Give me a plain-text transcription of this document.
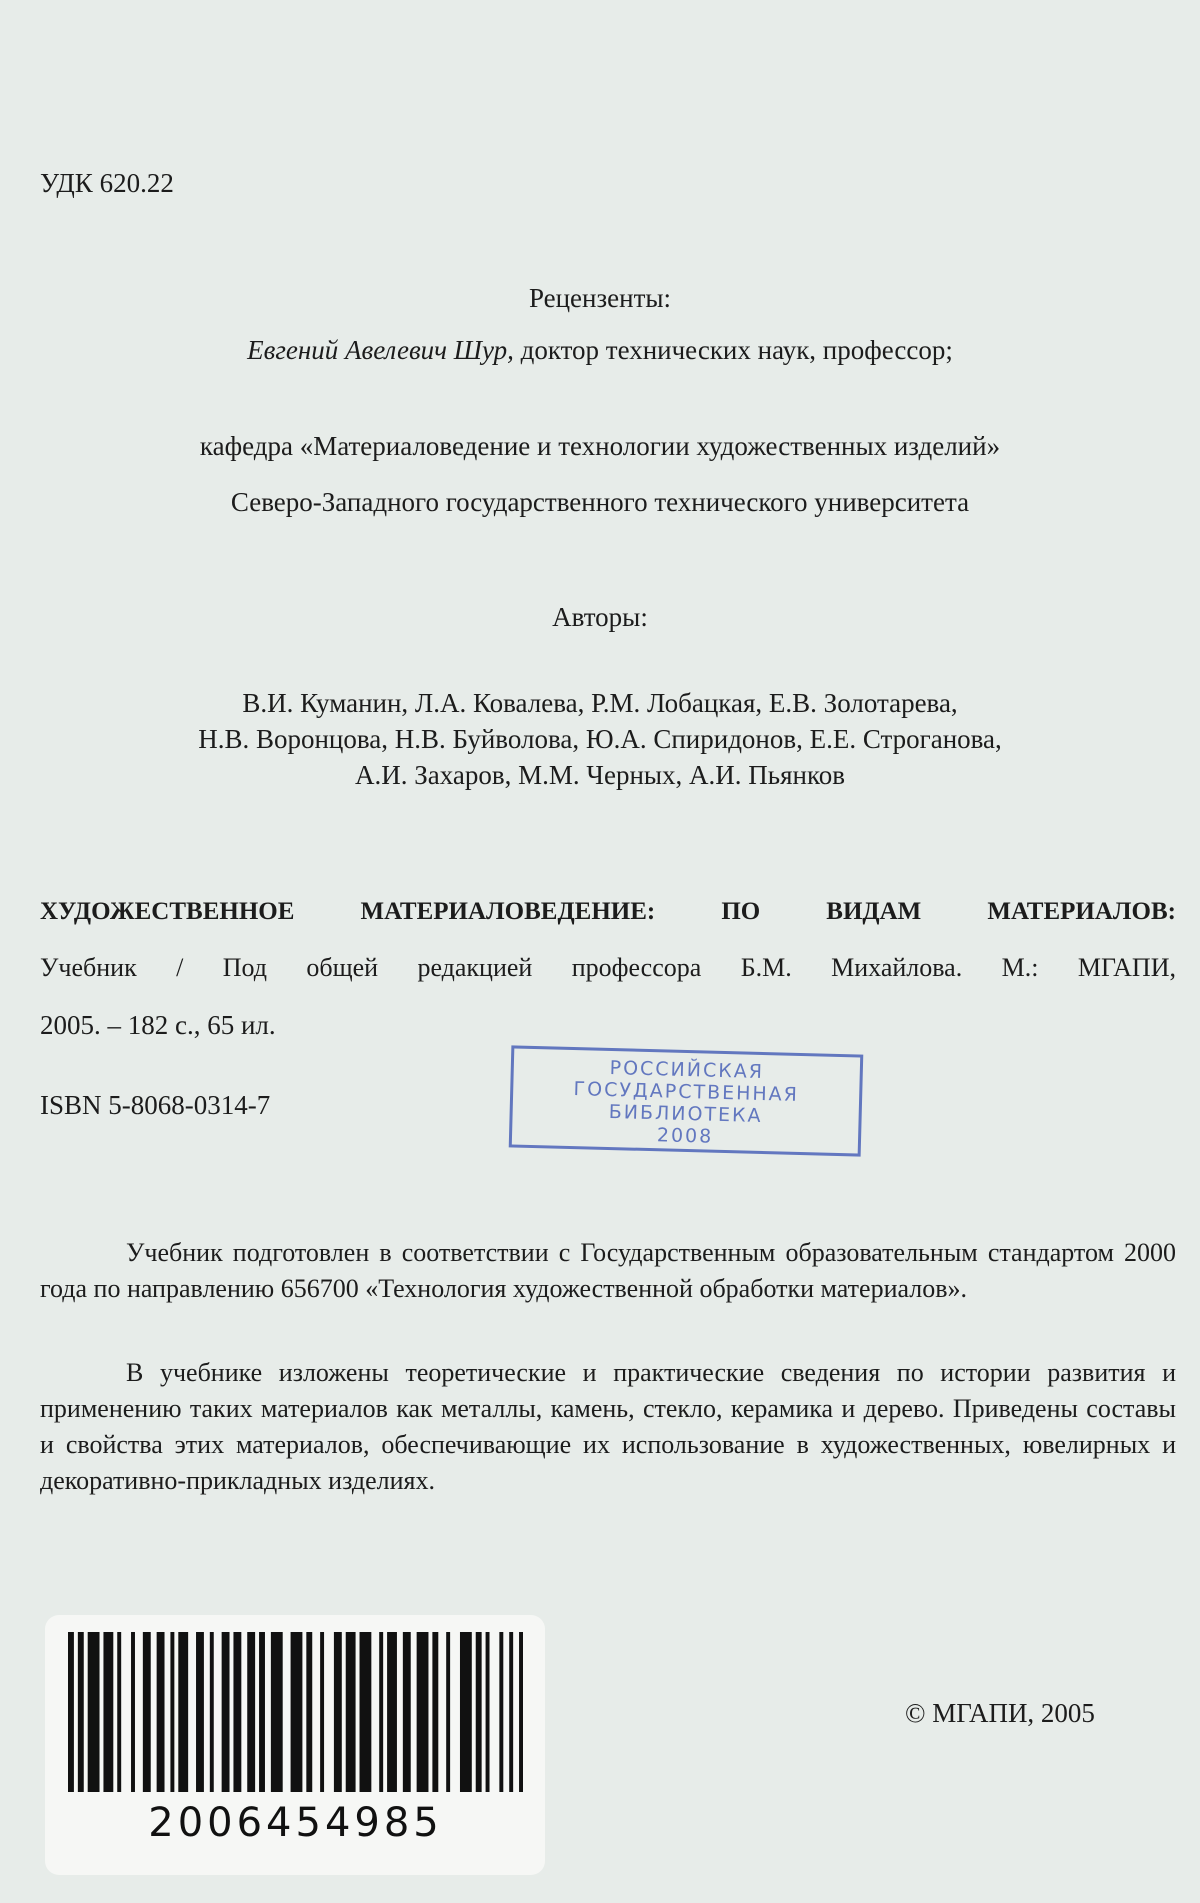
УДК 620.22

Рецензенты:

Евгений Авелевич Шур, доктор технических наук, профессор;

кафедра «Материаловедение и технологии художественных изделий»

Северо-Западного государственного технического университета

Авторы:

В.И. Куманин, Л.А. Ковалева, Р.М. Лобацкая, Е.В. Золотарева,

Н.В. Воронцова, Н.В. Буйволова, Ю.А. Спиридонов, Е.Е. Строганова,

А.И. Захаров, М.М. Черных, А.И. Пьянков

ХУДОЖЕСТВЕННОЕ МАТЕРИАЛОВЕДЕНИЕ: ПО ВИДАМ МАТЕРИАЛОВ:

Учебник / Под общей редакцией профессора Б.М. Михайлова. М.: МГАПИ,

2005. – 182 с., 65 ил.

ISBN 5-8068-0314-7

РОССИЙСКАЯ
ГОСУДАРСТВЕННАЯ
БИБЛИОТЕКА
2008

Учебник подготовлен в соответствии с Государственным образовательным стандартом 2000 года по направлению 656700 «Технология художественной обработки материалов».

В учебнике изложены теоретические и практические сведения по истории развития и применению таких материалов как металлы, камень, стекло, керамика и дерево. Приведены составы и свойства этих материалов, обеспечивающие их использование в художественных, ювелирных и декоративно-прикладных изделиях.

2006454985

© МГАПИ, 2005
